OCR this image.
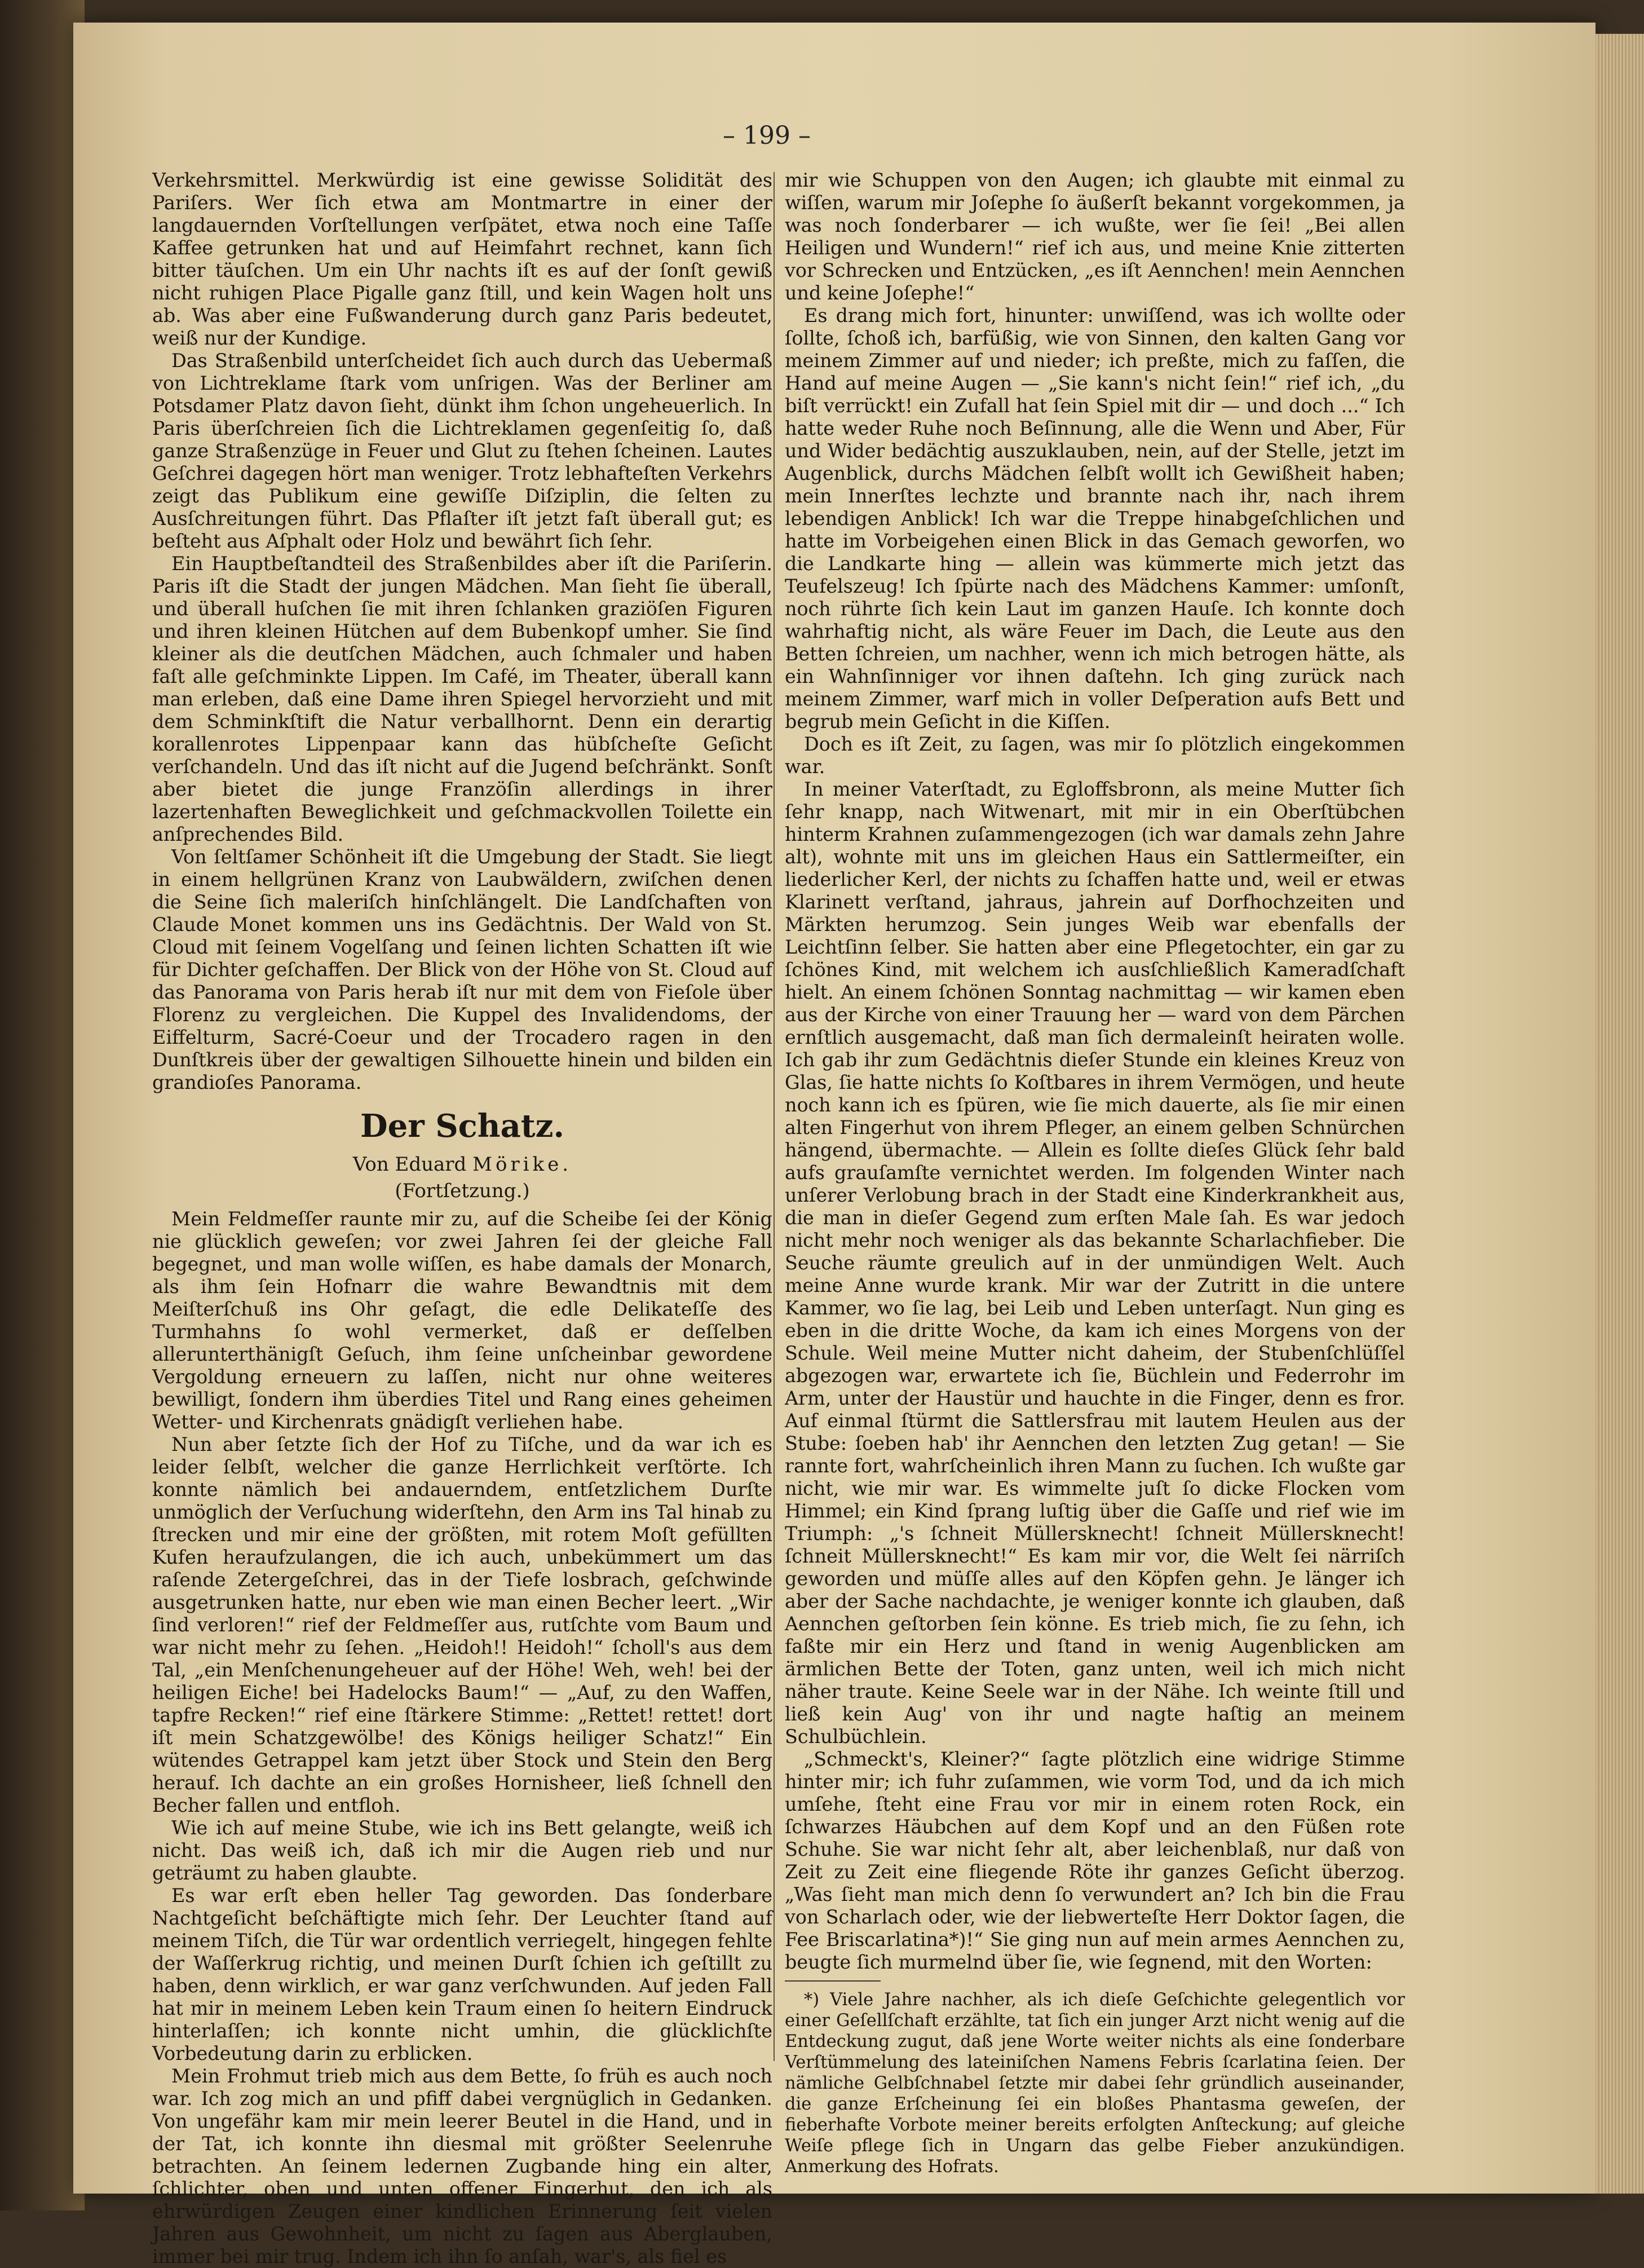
– 199 –

Verkehrsmittel. Merkwürdig ist eine gewisse Solidität des Pariſers. Wer ſich etwa am Montmartre in einer der langdauernden Vorſtellungen verſpätet, etwa noch eine Taſſe Kaffee getrunken hat und auf Heimfahrt rechnet, kann ſich bitter täuſchen. Um ein Uhr nachts iſt es auf der ſonſt gewiß nicht ruhigen Place Pigalle ganz ſtill, und kein Wagen holt uns ab. Was aber eine Fußwanderung durch ganz Paris bedeutet, weiß nur der Kundige.

Das Straßenbild unterſcheidet ſich auch durch das Uebermaß von Lichtreklame ſtark vom unſrigen. Was der Berliner am Potsdamer Platz davon ſieht, dünkt ihm ſchon ungeheuerlich. In Paris überſchreien ſich die Lichtreklamen gegenſeitig ſo, daß ganze Straßenzüge in Feuer und Glut zu ſtehen ſcheinen. Lautes Geſchrei dagegen hört man weniger. Trotz lebhafteſten Verkehrs zeigt das Publikum eine gewiſſe Diſziplin, die ſelten zu Ausſchreitungen führt. Das Pflaſter iſt jetzt faſt überall gut; es beſteht aus Aſphalt oder Holz und bewährt ſich ſehr.

Ein Hauptbeſtandteil des Straßenbildes aber iſt die Pariſerin. Paris iſt die Stadt der jungen Mädchen. Man ſieht ſie überall, und überall huſchen ſie mit ihren ſchlanken graziöſen Figuren und ihren kleinen Hütchen auf dem Bubenkopf umher. Sie ſind kleiner als die deutſchen Mädchen, auch ſchmaler und haben faſt alle geſchminkte Lippen. Im Café, im Theater, überall kann man erleben, daß eine Dame ihren Spiegel hervorzieht und mit dem Schminkſtift die Natur verballhornt. Denn ein derartig korallenrotes Lippenpaar kann das hübſcheſte Geſicht verſchandeln. Und das iſt nicht auf die Jugend beſchränkt. Sonſt aber bietet die junge Franzöſin allerdings in ihrer lazertenhaften Beweglichkeit und geſchmackvollen Toilette ein anſprechendes Bild.

Von ſeltſamer Schönheit iſt die Umgebung der Stadt. Sie liegt in einem hellgrünen Kranz von Laubwäldern, zwiſchen denen die Seine ſich maleriſch hinſchlängelt. Die Landſchaften von Claude Monet kommen uns ins Gedächtnis. Der Wald von St. Cloud mit ſeinem Vogelſang und ſeinen lichten Schatten iſt wie für Dichter geſchaffen. Der Blick von der Höhe von St. Cloud auf das Panorama von Paris herab iſt nur mit dem von Fieſole über Florenz zu vergleichen. Die Kuppel des Invalidendoms, der Eiffelturm, Sacré-Coeur und der Trocadero ragen in den Dunſtkreis über der gewaltigen Silhouette hinein und bilden ein grandioſes Panorama.

Der Schatz.
Von Eduard Mörike.
(Fortſetzung.)

Mein Feldmeſſer raunte mir zu, auf die Scheibe ſei der König nie glücklich geweſen; vor zwei Jahren ſei der gleiche Fall begegnet, und man wolle wiſſen, es habe damals der Monarch, als ihm ſein Hofnarr die wahre Bewandtnis mit dem Meiſterſchuß ins Ohr geſagt, die edle Delikateſſe des Turmhahns ſo wohl vermerket, daß er deſſelben allerunterthänigſt Geſuch, ihm ſeine unſcheinbar gewordene Vergoldung erneuern zu laſſen, nicht nur ohne weiteres bewilligt, ſondern ihm überdies Titel und Rang eines geheimen Wetter- und Kirchenrats gnädigſt verliehen habe.

Nun aber ſetzte ſich der Hof zu Tiſche, und da war ich es leider ſelbſt, welcher die ganze Herrlichkeit verſtörte. Ich konnte nämlich bei andauerndem, entſetzlichem Durſte unmöglich der Verſuchung widerſtehn, den Arm ins Tal hinab zu ſtrecken und mir eine der größten, mit rotem Moſt gefüllten Kufen heraufzulangen, die ich auch, unbekümmert um das raſende Zetergeſchrei, das in der Tiefe losbrach, geſchwinde ausgetrunken hatte, nur eben wie man einen Becher leert. „Wir ſind verloren!“ rief der Feldmeſſer aus, rutſchte vom Baum und war nicht mehr zu ſehen. „Heidoh!! Heidoh!“ ſcholl's aus dem Tal, „ein Menſchenungeheuer auf der Höhe! Weh, weh! bei der heiligen Eiche! bei Hadelocks Baum!“ — „Auf, zu den Waffen, tapfre Recken!“ rief eine ſtärkere Stimme: „Rettet! rettet! dort iſt mein Schatzgewölbe! des Königs heiliger Schatz!“ Ein wütendes Getrappel kam jetzt über Stock und Stein den Berg herauf. Ich dachte an ein großes Hornisheer, ließ ſchnell den Becher fallen und entfloh.

Wie ich auf meine Stube, wie ich ins Bett gelangte, weiß ich nicht. Das weiß ich, daß ich mir die Augen rieb und nur geträumt zu haben glaubte.

Es war erſt eben heller Tag geworden. Das ſonderbare Nachtgeſicht beſchäftigte mich ſehr. Der Leuchter ſtand auf meinem Tiſch, die Tür war ordentlich verriegelt, hingegen fehlte der Waſſerkrug richtig, und meinen Durſt ſchien ich geſtillt zu haben, denn wirklich, er war ganz verſchwunden. Auf jeden Fall hat mir in meinem Leben kein Traum einen ſo heitern Eindruck hinterlaſſen; ich konnte nicht umhin, die glücklichſte Vorbedeutung darin zu erblicken.

Mein Frohmut trieb mich aus dem Bette, ſo früh es auch noch war. Ich zog mich an und pfiff dabei vergnüglich in Gedanken. Von ungefähr kam mir mein leerer Beutel in die Hand, und in der Tat, ich konnte ihn diesmal mit größter Seelenruhe betrachten. An ſeinem ledernen Zugbande hing ein alter, ſchlichter, oben und unten offener Fingerhut, den ich als ehrwürdigen Zeugen einer kindlichen Erinnerung ſeit vielen Jahren aus Gewohnheit, um nicht zu ſagen aus Aberglauben, immer bei mir trug. Indem ich ihn ſo anſah, war's, als fiel es

mir wie Schuppen von den Augen; ich glaubte mit einmal zu wiſſen, warum mir Joſephe ſo äußerſt bekannt vorgekommen, ja was noch ſonderbarer — ich wußte, wer ſie ſei! „Bei allen Heiligen und Wundern!“ rief ich aus, und meine Knie zitterten vor Schrecken und Entzücken, „es iſt Aennchen! mein Aennchen und keine Joſephe!“

Es drang mich fort, hinunter: unwiſſend, was ich wollte oder ſollte, ſchoß ich, barfüßig, wie von Sinnen, den kalten Gang vor meinem Zimmer auf und nieder; ich preßte, mich zu faſſen, die Hand auf meine Augen — „Sie kann's nicht ſein!“ rief ich, „du biſt verrückt! ein Zufall hat ſein Spiel mit dir — und doch ...“ Ich hatte weder Ruhe noch Beſinnung, alle die Wenn und Aber, Für und Wider bedächtig auszuklauben, nein, auf der Stelle, jetzt im Augenblick, durchs Mädchen ſelbſt wollt ich Gewißheit haben; mein Innerſtes lechzte und brannte nach ihr, nach ihrem lebendigen Anblick! Ich war die Treppe hinabgeſchlichen und hatte im Vorbeigehen einen Blick in das Gemach geworfen, wo die Landkarte hing — allein was kümmerte mich jetzt das Teufelszeug! Ich ſpürte nach des Mädchens Kammer: umſonſt, noch rührte ſich kein Laut im ganzen Hauſe. Ich konnte doch wahrhaftig nicht, als wäre Feuer im Dach, die Leute aus den Betten ſchreien, um nachher, wenn ich mich betrogen hätte, als ein Wahnſinniger vor ihnen daſtehn. Ich ging zurück nach meinem Zimmer, warf mich in voller Deſperation aufs Bett und begrub mein Geſicht in die Kiſſen.

Doch es iſt Zeit, zu ſagen, was mir ſo plötzlich eingekommen war.

In meiner Vaterſtadt, zu Egloffsbronn, als meine Mutter ſich ſehr knapp, nach Witwenart, mit mir in ein Oberſtübchen hinterm Krahnen zuſammengezogen (ich war damals zehn Jahre alt), wohnte mit uns im gleichen Haus ein Sattlermeiſter, ein liederlicher Kerl, der nichts zu ſchaffen hatte und, weil er etwas Klarinett verſtand, jahraus, jahrein auf Dorfhochzeiten und Märkten herumzog. Sein junges Weib war ebenfalls der Leichtſinn ſelber. Sie hatten aber eine Pflegetochter, ein gar zu ſchönes Kind, mit welchem ich ausſchließlich Kameradſchaft hielt. An einem ſchönen Sonntag nachmittag — wir kamen eben aus der Kirche von einer Trauung her — ward von dem Pärchen ernſtlich ausgemacht, daß man ſich dermaleinſt heiraten wolle. Ich gab ihr zum Gedächtnis dieſer Stunde ein kleines Kreuz von Glas, ſie hatte nichts ſo Koſtbares in ihrem Vermögen, und heute noch kann ich es ſpüren, wie ſie mich dauerte, als ſie mir einen alten Fingerhut von ihrem Pfleger, an einem gelben Schnürchen hängend, übermachte. — Allein es ſollte dieſes Glück ſehr bald aufs grauſamſte vernichtet werden. Im folgenden Winter nach unſerer Verlobung brach in der Stadt eine Kinderkrankheit aus, die man in dieſer Gegend zum erſten Male ſah. Es war jedoch nicht mehr noch weniger als das bekannte Scharlachfieber. Die Seuche räumte greulich auf in der unmündigen Welt. Auch meine Anne wurde krank. Mir war der Zutritt in die untere Kammer, wo ſie lag, bei Leib und Leben unterſagt. Nun ging es eben in die dritte Woche, da kam ich eines Morgens von der Schule. Weil meine Mutter nicht daheim, der Stubenſchlüſſel abgezogen war, erwartete ich ſie, Büchlein und Federrohr im Arm, unter der Haustür und hauchte in die Finger, denn es fror. Auf einmal ſtürmt die Sattlersfrau mit lautem Heulen aus der Stube: ſoeben hab' ihr Aennchen den letzten Zug getan! — Sie rannte fort, wahrſcheinlich ihren Mann zu ſuchen. Ich wußte gar nicht, wie mir war. Es wimmelte juſt ſo dicke Flocken vom Himmel; ein Kind ſprang luſtig über die Gaſſe und rief wie im Triumph: „'s ſchneit Müllersknecht! ſchneit Müllersknecht! ſchneit Müllersknecht!“ Es kam mir vor, die Welt ſei närriſch geworden und müſſe alles auf den Köpfen gehn. Je länger ich aber der Sache nachdachte, je weniger konnte ich glauben, daß Aennchen geſtorben ſein könne. Es trieb mich, ſie zu ſehn, ich faßte mir ein Herz und ſtand in wenig Augenblicken am ärmlichen Bette der Toten, ganz unten, weil ich mich nicht näher traute. Keine Seele war in der Nähe. Ich weinte ſtill und ließ kein Aug' von ihr und nagte haſtig an meinem Schulbüchlein.

„Schmeckt's, Kleiner?“ ſagte plötzlich eine widrige Stimme hinter mir; ich fuhr zuſammen, wie vorm Tod, und da ich mich umſehe, ſteht eine Frau vor mir in einem roten Rock, ein ſchwarzes Häubchen auf dem Kopf und an den Füßen rote Schuhe. Sie war nicht ſehr alt, aber leichenblaß, nur daß von Zeit zu Zeit eine fliegende Röte ihr ganzes Geſicht überzog. „Was ſieht man mich denn ſo verwundert an? Ich bin die Frau von Scharlach oder, wie der liebwerteſte Herr Doktor ſagen, die Fee Briscarlatina*)!“ Sie ging nun auf mein armes Aennchen zu, beugte ſich murmelnd über ſie, wie ſegnend, mit den Worten:

*) Viele Jahre nachher, als ich dieſe Geſchichte gelegentlich vor einer Geſellſchaft erzählte, tat ſich ein junger Arzt nicht wenig auf die Entdeckung zugut, daß jene Worte weiter nichts als eine ſonderbare Verſtümmelung des lateiniſchen Namens Febris ſcarlatina ſeien. Der nämliche Gelbſchnabel ſetzte mir dabei ſehr gründlich auseinander, die ganze Erſcheinung ſei ein bloßes Phantasma geweſen, der fieberhafte Vorbote meiner bereits erfolgten Anſteckung; auf gleiche Weiſe pflege ſich in Ungarn das gelbe Fieber anzukündigen. Anmerkung des Hofrats.
